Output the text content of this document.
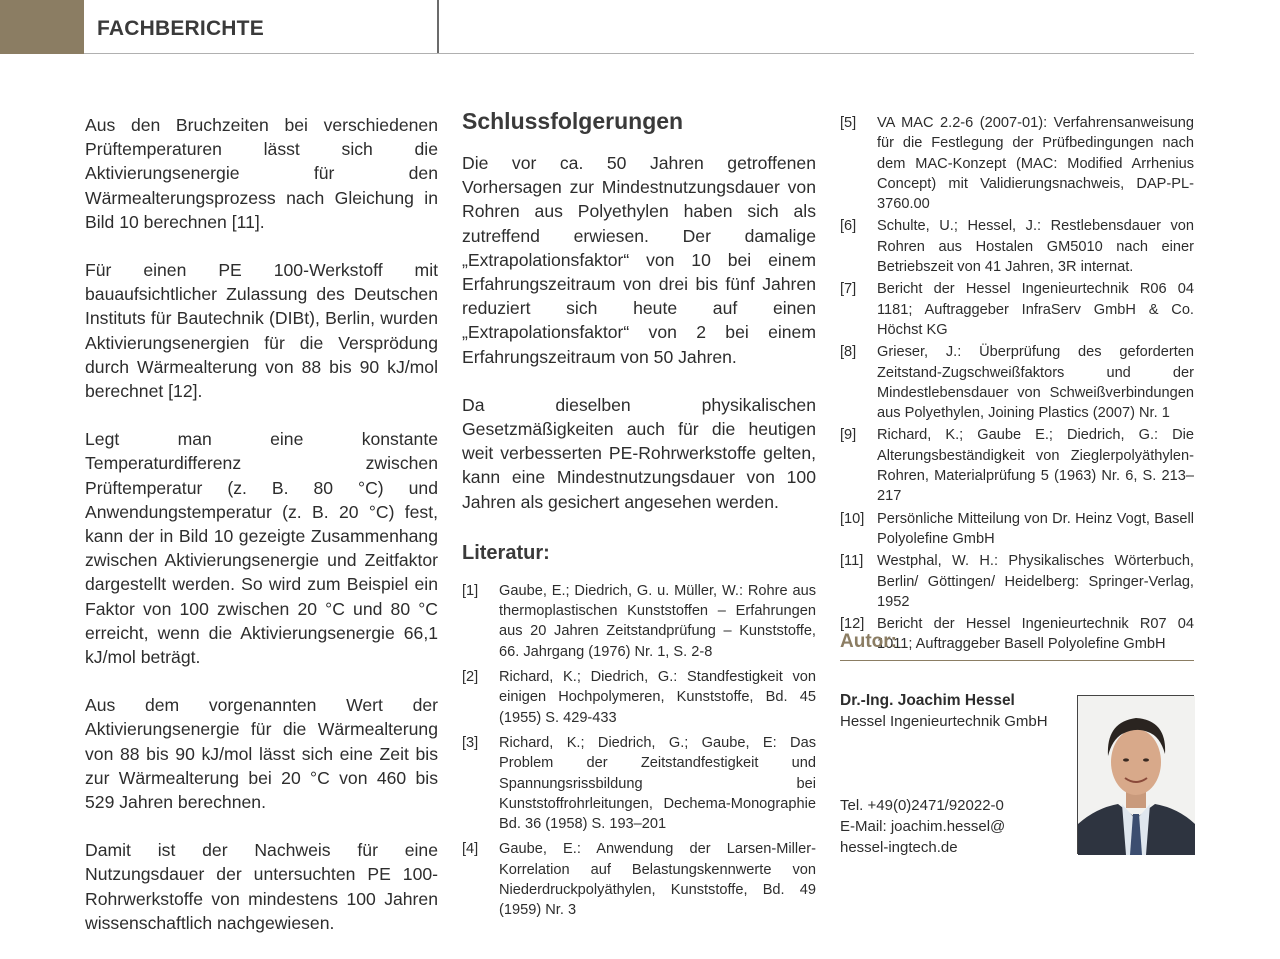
FACHBERICHTE

Aus den Bruchzeiten bei verschiedenen Prüftemperaturen lässt sich die Aktivierungsenergie für den Wärmealterungsprozess nach Gleichung in Bild 10 berechnen [11].

Für einen PE 100-Werkstoff mit bauaufsichtlicher Zulassung des Deutschen Instituts für Bautechnik (DIBt), Berlin, wurden Aktivierungsenergien für die Versprödung durch Wärmealterung von 88 bis 90 kJ/mol berechnet [12].

Legt man eine konstante Temperaturdifferenz zwischen Prüftemperatur (z. B. 80 °C) und Anwendungstemperatur (z. B. 20 °C) fest, kann der in Bild 10 gezeigte Zusammenhang zwischen Aktivierungsenergie und Zeitfaktor dargestellt werden. So wird zum Beispiel ein Faktor von 100 zwischen 20 °C und 80 °C erreicht, wenn die Aktivierungsenergie 66,1 kJ/mol beträgt.

Aus dem vorgenannten Wert der Aktivierungsenergie für die Wärmealterung von 88 bis 90 kJ/mol lässt sich eine Zeit bis zur Wärmealterung bei 20 °C von 460 bis 529 Jahren berechnen.

Damit ist der Nachweis für eine Nutzungsdauer der untersuchten PE 100-Rohrwerkstoffe von mindestens 100 Jahren wissenschaftlich nachgewiesen.

Schlussfolgerungen

Die vor ca. 50 Jahren getroffenen Vorhersagen zur Mindestnutzungsdauer von Rohren aus Polyethylen haben sich als zutreffend erwiesen. Der damalige „Extrapolationsfaktor“ von 10 bei einem Erfahrungszeitraum von drei bis fünf Jahren reduziert sich heute auf einen „Extrapolationsfaktor“ von 2 bei einem Erfahrungszeitraum von 50 Jahren.

Da dieselben physikalischen Gesetzmäßigkeiten auch für die heutigen weit verbesserten PE-Rohrwerkstoffe gelten, kann eine Mindestnutzungsdauer von 100 Jahren als gesichert angesehen werden.

Literatur:
[1]	Gaube, E.; Diedrich, G. u. Müller, W.: Rohre aus thermoplastischen Kunststoffen – Erfahrungen aus 20 Jahren Zeitstandprüfung – Kunststoffe, 66. Jahrgang (1976) Nr. 1, S. 2-8
[2]	Richard, K.; Diedrich, G.: Standfestigkeit von einigen Hochpolymeren, Kunststoffe, Bd. 45 (1955) S. 429-433
[3]	Richard, K.; Diedrich, G.; Gaube, E: Das Problem der Zeitstandfestigkeit und Spannungsrissbildung bei Kunststoffrohrleitungen, Dechema-Monographie Bd. 36 (1958) S. 193–201
[4]	Gaube, E.: Anwendung der Larsen-Miller-Korrelation auf Belastungskennwerte von Niederdruckpolyäthylen, Kunststoffe, Bd. 49 (1959) Nr. 3
[5]	VA MAC 2.2-6 (2007-01): Verfahrensanweisung für die Festlegung der Prüfbedingungen nach dem MAC-Konzept (MAC: Modified Arrhenius Concept) mit Validierungsnachweis, DAP-PL-3760.00
[6]	Schulte, U.; Hessel, J.: Restlebensdauer von Rohren aus Hostalen GM5010 nach einer Betriebszeit von 41 Jahren, 3R internat.
[7]	Bericht der Hessel Ingenieurtechnik R06 04 1181; Auftraggeber InfraServ GmbH & Co. Höchst KG
[8]	Grieser, J.: Überprüfung des geforderten Zeitstand-Zugschweißfaktors und der Mindestlebensdauer von Schweißverbindungen aus Polyethylen, Joining Plastics (2007) Nr. 1
[9]	Richard, K.; Gaube E.; Diedrich, G.: Die Alterungsbeständigkeit von Zieglerpolyäthylen-Rohren, Materialprüfung 5 (1963) Nr. 6, S. 213–217
[10] Persönliche Mitteilung von Dr. Heinz Vogt, Basell Polyolefine GmbH
[11] Westphal, W. H.: Physikalisches Wörterbuch, Berlin/ Göttingen/ Heidelberg: Springer-Verlag, 1952
[12] Bericht der Hessel Ingenieurtechnik R07 04 1011; Auftraggeber Basell Polyolefine GmbH
Autor:
Dr.-Ing. Joachim Hessel
Hessel Ingenieurtechnik GmbH
Tel. +49(0)2471/92022-0
E-Mail: joachim.hessel@
hessel-ingtech.de
